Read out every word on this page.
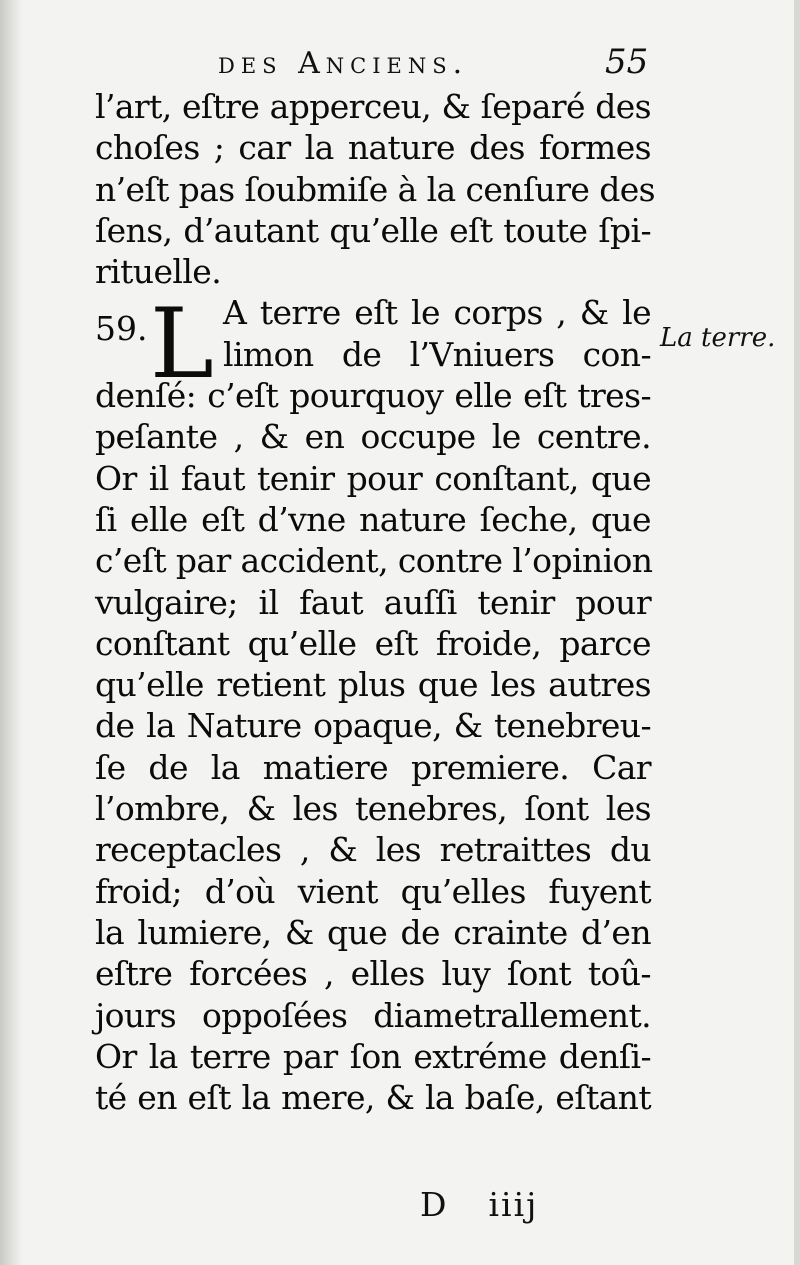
des Anciens.	55
l’art, eſtre apperceu, & ſeparé des
choſes ; car la nature des formes
n’eſt pas ſoubmiſe à la cenſure des
ſens, d’autant qu’elle eſt toute ſpi-
rituelle.
A terre eſt le corps , & le
limon de l’Vniuers con-
denſé: c’eſt pourquoy elle eſt tres-
peſante , & en occupe le centre.
Or il faut tenir pour conſtant, que
ſi elle eſt d’vne nature ſeche, que
c’eſt par accident, contre l’opinion
vulgaire; il faut auſſi tenir pour
conſtant qu’elle eſt froide, parce
qu’elle retient plus que les autres
de la Nature opaque, & tenebreu-
ſe de la matiere premiere. Car
l’ombre, & les tenebres, ſont les
receptacles , & les retraittes du
froid; d’où vient qu’elles fuyent
la lumiere, & que de crainte d’en
eſtre forcées , elles luy ſont toû-
jours oppoſées diametrallement.
Or la terre par ſon extréme denſi-
té en eſt la mere, & la baſe, eſtant
59. L	La terre.
D iiij
